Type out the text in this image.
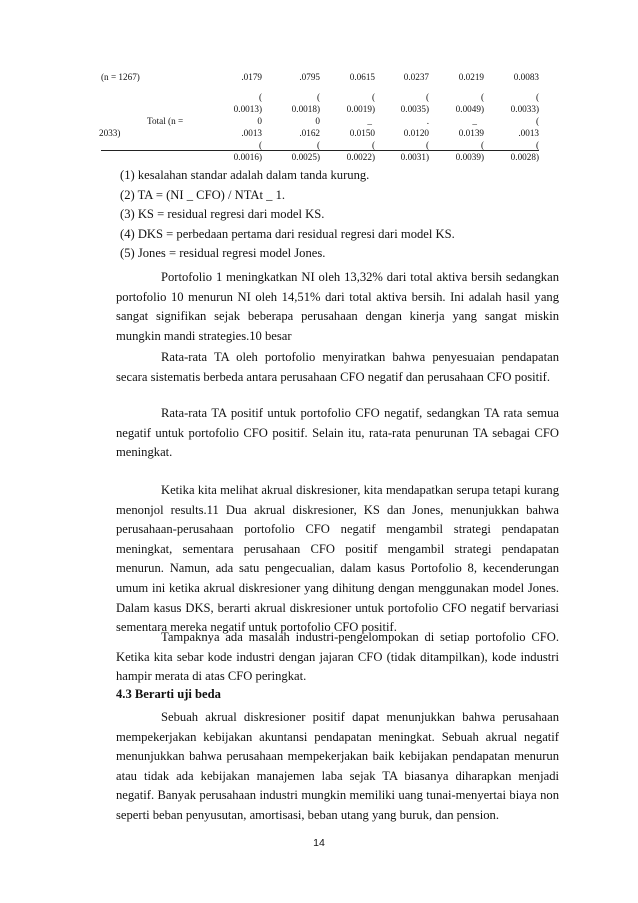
(n = 1267)	.0179	.0795	0.0615	0.0237	0.0219	0.0083
(	(	(	(	(	(
0.0013)	0.0018)	0.0019)	0.0035)	0.0049)	0.0033)
Total (n =	0	0	_	.	_	(
2033)	.0013	.0162	0.0150	0.0120	0.0139	.0013
(	(	(	(	(	(
0.0016)	0.0025)	0.0022)	0.0031)	0.0039)	0.0028)
(1) kesalahan standar adalah dalam tanda kurung.
(2) TA = (NI _ CFO) / NTAt _ 1.
(3) KS = residual regresi dari model KS.
(4) DKS = perbedaan pertama dari residual regresi dari model KS.
(5) Jones = residual regresi model Jones.

Portofolio 1 meningkatkan NI oleh 13,32% dari total aktiva bersih sedangkan portofolio 10 menurun NI oleh 14,51% dari total aktiva bersih. Ini adalah hasil yang sangat signifikan sejak beberapa perusahaan dengan kinerja yang sangat miskin mungkin mandi strategies.10 besar

Rata-rata TA oleh portofolio menyiratkan bahwa penyesuaian pendapatan secara sistematis berbeda antara perusahaan CFO negatif dan perusahaan CFO positif.

Rata-rata TA positif untuk portofolio CFO negatif, sedangkan TA rata semua negatif untuk portofolio CFO positif. Selain itu, rata-rata penurunan TA sebagai CFO meningkat.

Ketika kita melihat akrual diskresioner, kita mendapatkan serupa tetapi kurang menonjol results.11 Dua akrual diskresioner, KS dan Jones, menunjukkan bahwa perusahaan-perusahaan portofolio CFO negatif mengambil strategi pendapatan meningkat, sementara perusahaan CFO positif mengambil strategi pendapatan menurun. Namun, ada satu pengecualian, dalam kasus Portofolio 8, kecenderungan umum ini ketika akrual diskresioner yang dihitung dengan menggunakan model Jones. Dalam kasus DKS, berarti akrual diskresioner untuk portofolio CFO negatif bervariasi sementara mereka negatif untuk portofolio CFO positif.

Tampaknya ada masalah industri-pengelompokan di setiap portofolio CFO. Ketika kita sebar kode industri dengan jajaran CFO (tidak ditampilkan), kode industri hampir merata di atas CFO peringkat.

4.3 Berarti uji beda

Sebuah akrual diskresioner positif dapat menunjukkan bahwa perusahaan mempekerjakan kebijakan akuntansi pendapatan meningkat. Sebuah akrual negatif menunjukkan bahwa perusahaan mempekerjakan baik kebijakan pendapatan menurun atau tidak ada kebijakan manajemen laba sejak TA biasanya diharapkan menjadi negatif. Banyak perusahaan industri mungkin memiliki uang tunai-menyertai biaya non seperti beban penyusutan, amortisasi, beban utang yang buruk, dan pension.

14
